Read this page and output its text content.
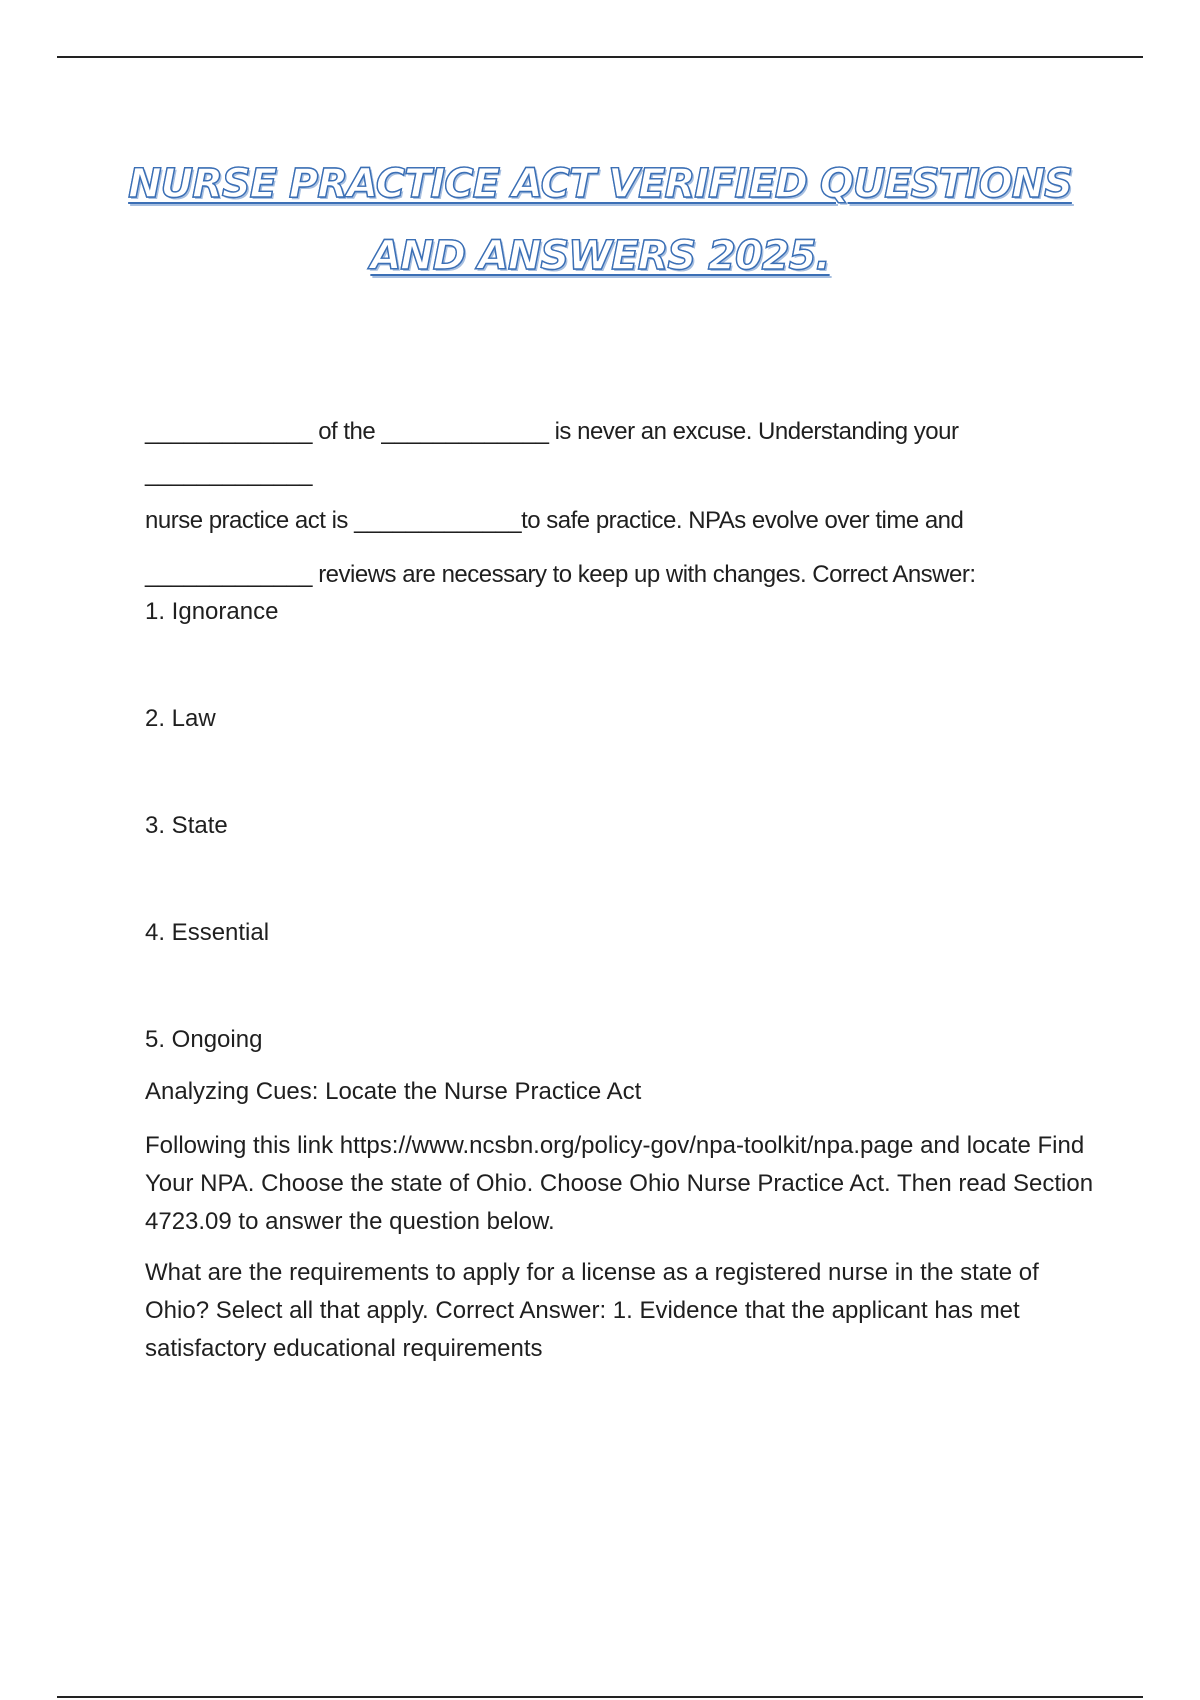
NURSE PRACTICE ACT VERIFIED QUESTIONS
AND ANSWERS 2025.
_____________ of the _____________ is never an excuse. Understanding your
_____________
nurse practice act is _____________to safe practice. NPAs evolve over time and
_____________ reviews are necessary to keep up with changes. Correct Answer:
1. Ignorance
2. Law
3. State
4. Essential
5. Ongoing
Analyzing Cues: Locate the Nurse Practice Act
Following this link https://www.ncsbn.org/policy-gov/npa-toolkit/npa.page and locate Find Your NPA. Choose the state of Ohio. Choose Ohio Nurse Practice Act. Then read Section 4723.09 to answer the question below.
What are the requirements to apply for a license as a registered nurse in the state of Ohio? Select all that apply. Correct Answer: 1. Evidence that the applicant has met satisfactory educational requirements
